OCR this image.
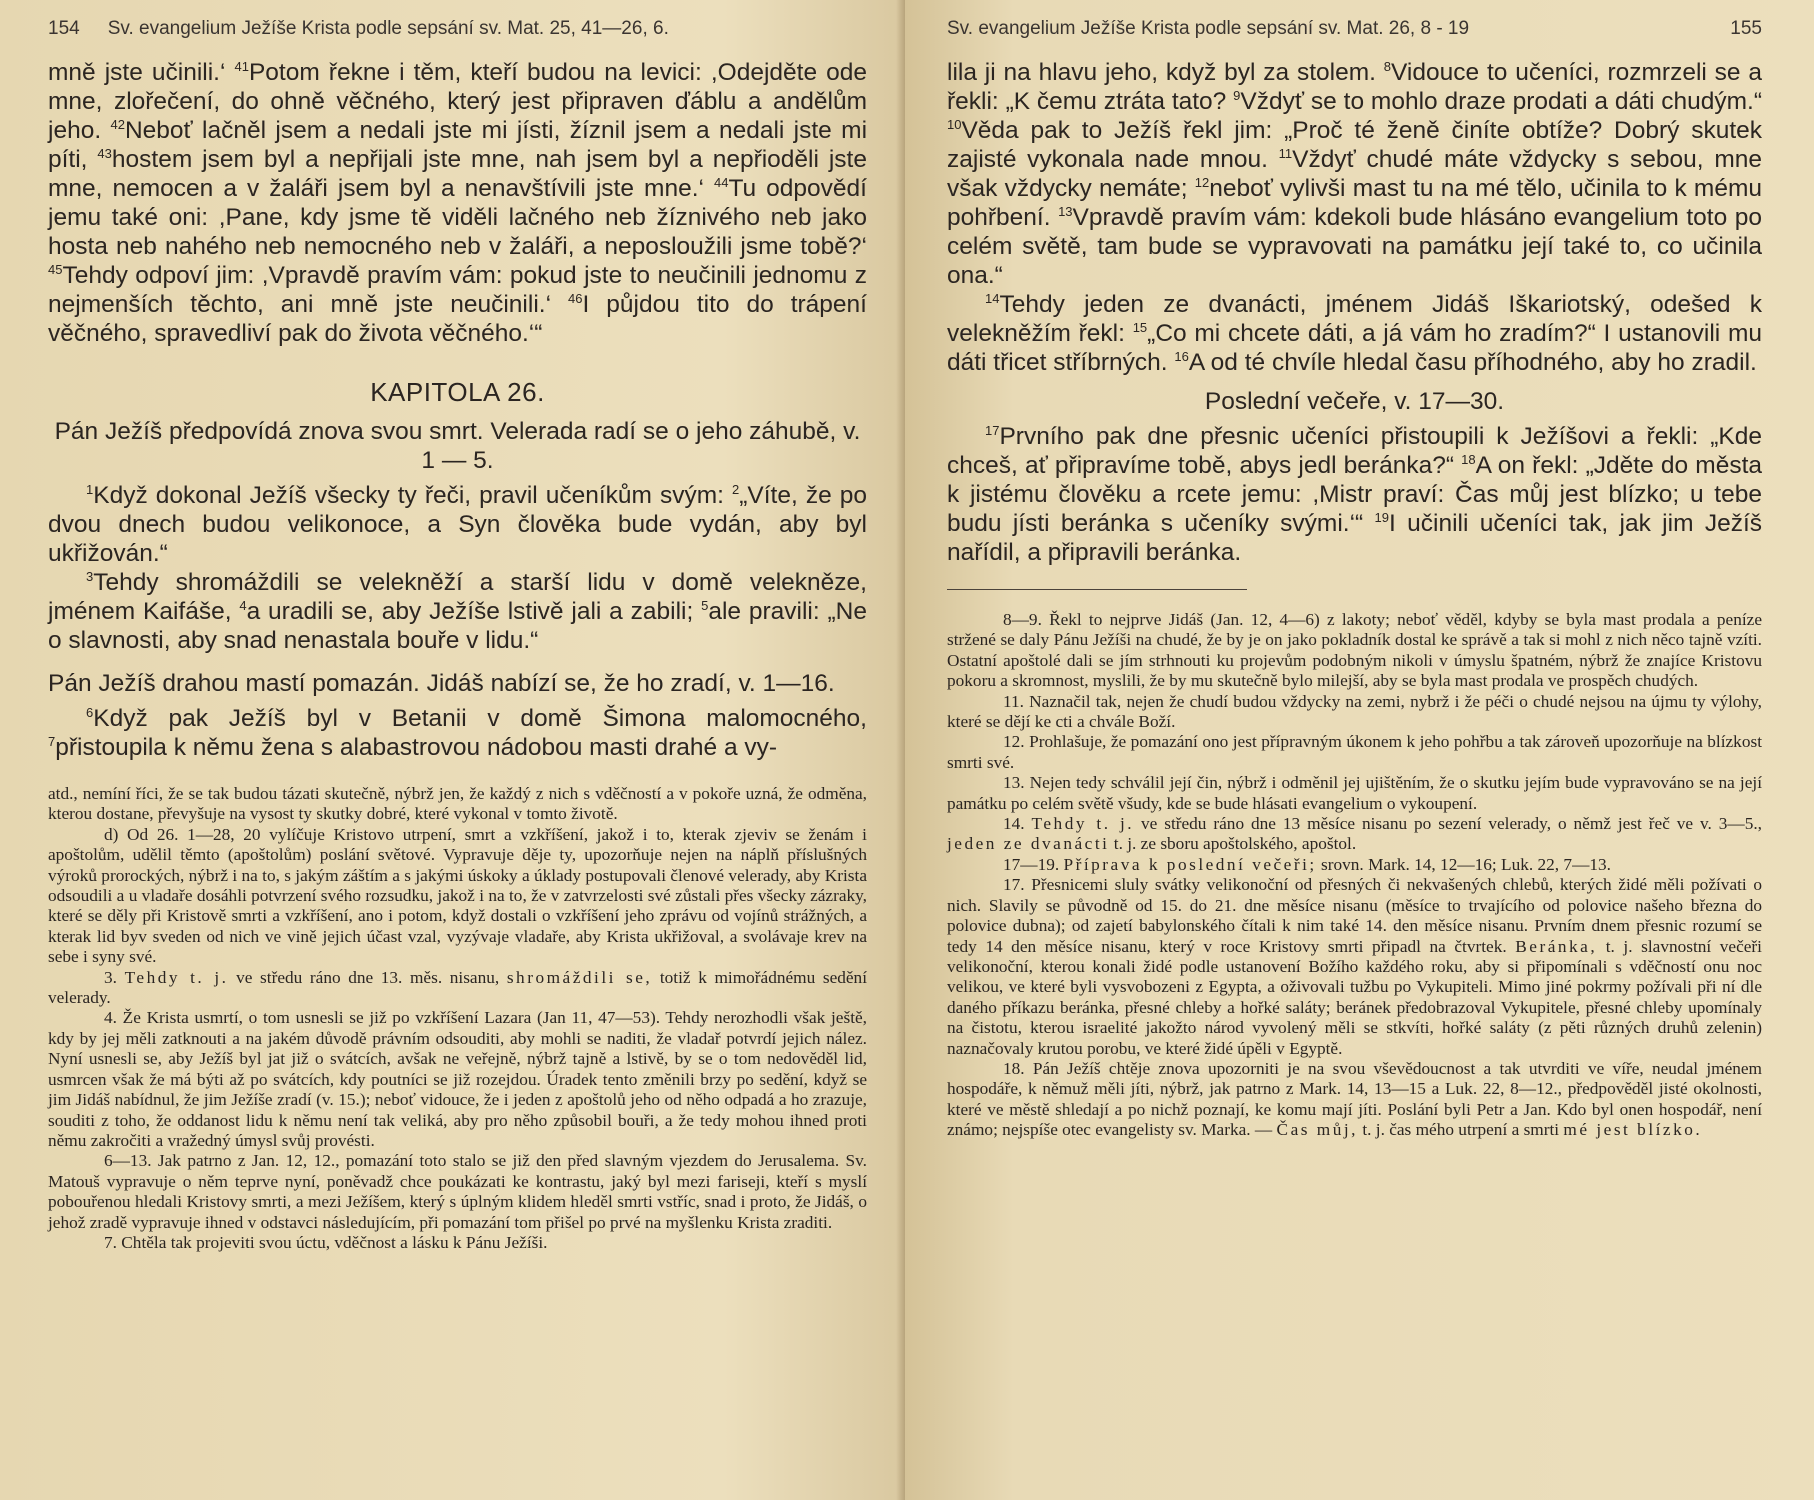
154	Sv. evangelium Ježíše Krista podle sepsání sv. Mat. 25, 41—26, 6.

mně jste učinili.‘ $^{41}$Potom řekne i těm, kteří budou na levici: ,Odejděte ode mne, zlořečení, do ohně věčného, který jest připraven ďáblu a andělům jeho. $^{42}$Neboť lačněl jsem a nedali jste mi jísti, žíznil jsem a nedali jste mi píti, $^{43}$hostem jsem byl a nepřijali jste mne, nah jsem byl a nepřioděli jste mne, nemocen a v žaláři jsem byl a nenavštívili jste mne.‘ $^{44}$Tu odpovědí jemu také oni: ,Pane, kdy jsme tě viděli lačného neb žíznivého neb jako hosta neb nahého neb nemocného neb v žaláři, a neposloužili jsme tobě?‘ $^{45}$Tehdy odpoví jim: ,Vpravdě pravím vám: pokud jste to neučinili jednomu z nejmenších těchto, ani mně jste neučinili.‘ $^{46}$I půjdou tito do trápení věčného, spravedliví pak do života věčného.‘“

KAPITOLA 26.
Pán Ježíš předpovídá znova svou smrt. Velerada radí se o jeho záhubě, v. 1 — 5.

$^1$Když dokonal Ježíš všecky ty řeči, pravil učeníkům svým: $^2$„Víte, že po dvou dnech budou velikonoce, a Syn člověka bude vydán, aby byl ukřižován.“

$^3$Tehdy shromáždili se velekněží a starší lidu v domě velekněze, jménem Kaifáše, $^4$a uradili se, aby Ježíše lstivě jali a zabili; $^5$ale pravili: „Ne o slavnosti, aby snad nenastala bouře v lidu.“

Pán Ježíš drahou mastí pomazán. Jidáš nabízí se, že ho zradí, v. 1—16.

$^6$Když pak Ježíš byl v Betanii v domě Šimona malomocného, $^7$přistoupila k němu žena s alabastrovou nádobou masti drahé a vy-

atd., nemíní říci, že se tak budou tázati skutečně, nýbrž jen, že každý z nich s vděčností a v pokoře uzná, že odměna, kterou dostane, převyšuje na vysost ty skutky dobré, které vykonal v tomto životě.

d) Od 26. 1—28, 20 vylíčuje Kristovo utrpení, smrt a vzkříšení, jakož i to, kterak zjeviv se ženám i apoštolům, udělil těmto (apoštolům) poslání světové. Vypravuje děje ty, upozorňuje nejen na náplň příslušných výroků prorockých, nýbrž i na to, s jakým záštím a s jakými úskoky a úklady postupovali členové velerady, aby Krista odsoudili a u vladaře dosáhli potvrzení svého rozsudku, jakož i na to, že v zatvrzelosti své zůstali přes všecky zázraky, které se děly při Kristově smrti a vzkříšení, ano i potom, když dostali o vzkříšení jeho zprávu od vojínů strážných, a kterak lid byv sveden od nich ve vině jejich účast vzal, vyzývaje vladaře, aby Krista ukřižoval, a svolávaje krev na sebe i syny své.

3. Tehdy t. j. ve středu ráno dne 13. měs. nisanu, shromáždili se, totiž k mimořádnému sedění velerady.

4. Že Krista usmrtí, o tom usnesli se již po vzkříšení Lazara (Jan 11, 47—53). Tehdy nerozhodli však ještě, kdy by jej měli zatknouti a na jakém důvodě právním odsouditi, aby mohli se naditi, že vladař potvrdí jejich nález. Nyní usnesli se, aby Ježíš byl jat již o svátcích, avšak ne veřejně, nýbrž tajně a lstivě, by se o tom nedověděl lid, usmrcen však že má býti až po svátcích, kdy poutníci se již rozejdou. Úradek tento změnili brzy po sedění, když se jim Jidáš nabídnul, že jim Ježíše zradí (v. 15.); neboť vidouce, že i jeden z apoštolů jeho od něho odpadá a ho zrazuje, souditi z toho, že oddanost lidu k němu není tak veliká, aby pro něho způsobil bouři, a že tedy mohou ihned proti němu zakročiti a vražedný úmysl svůj provésti.

6—13. Jak patrno z Jan. 12, 12., pomazání toto stalo se již den před slavným vjezdem do Jerusalema. Sv. Matouš vypravuje o něm teprve nyní, poněvadž chce poukázati ke kontrastu, jaký byl mezi fariseji, kteří s myslí pobouřenou hledali Kristovy smrti, a mezi Ježíšem, který s úplným klidem hleděl smrti vstříc, snad i proto, že Jidáš, o jehož zradě vypravuje ihned v odstavci následujícím, při pomazání tom přišel po prvé na myšlenku Krista zraditi.

7. Chtěla tak projeviti svou úctu, vděčnost a lásku k Pánu Ježíši.

Sv. evangelium Ježíše Krista podle sepsání sv. Mat. 26, 8 - 19	155

lila ji na hlavu jeho, když byl za stolem. $^8$Vidouce to učeníci, rozmrzeli se a řekli: „K čemu ztráta tato? $^9$Vždyť se to mohlo draze prodati a dáti chudým.“ $^{10}$Věda pak to Ježíš řekl jim: „Proč té ženě činíte obtíže? Dobrý skutek zajisté vykonala nade mnou. $^{11}$Vždyť chudé máte vždycky s sebou, mne však vždycky nemáte; $^{12}$neboť vylivši mast tu na mé tělo, učinila to k mému pohřbení. $^{13}$Vpravdě pravím vám: kdekoli bude hlásáno evangelium toto po celém světě, tam bude se vypravovati na památku její také to, co učinila ona.“

$^{14}$Tehdy jeden ze dvanácti, jménem Jidáš Iškariotský, odešed k velekněžím řekl: $^{15}$„Co mi chcete dáti, a já vám ho zradím?“ I ustanovili mu dáti třicet stříbrných. $^{16}$A od té chvíle hledal času příhodného, aby ho zradil.

Poslední večeře, v. 17—30.

$^{17}$Prvního pak dne přesnic učeníci přistoupili k Ježíšovi a řekli: „Kde chceš, ať připravíme tobě, abys jedl beránka?“ $^{18}$A on řekl: „Jděte do města k jistému člověku a rcete jemu: ,Mistr praví: Čas můj jest blízko; u tebe budu jísti beránka s učeníky svými.‘“ $^{19}$I učinili učeníci tak, jak jim Ježíš nařídil, a připravili beránka.

8—9. Řekl to nejprve Jidáš (Jan. 12, 4—6) z lakoty; neboť věděl, kdyby se byla mast prodala a peníze stržené se daly Pánu Ježíši na chudé, že by je on jako pokladník dostal ke správě a tak si mohl z nich něco tajně vzíti. Ostatní apoštolé dali se jím strhnouti ku projevům podobným nikoli v úmyslu špatném, nýbrž že znajíce Kristovu pokoru a skromnost, myslili, že by mu skutečně bylo milejší, aby se byla mast prodala ve prospěch chudých.

11. Naznačil tak, nejen že chudí budou vždycky na zemi, nybrž i že péči o chudé nejsou na újmu ty výlohy, které se dějí ke cti a chvále Boží.

12. Prohlašuje, že pomazání ono jest přípravným úkonem k jeho pohřbu a tak zároveň upozorňuje na blízkost smrti své.

13. Nejen tedy schválil její čin, nýbrž i odměnil jej ujištěním, že o skutku jejím bude vypravováno se na její památku po celém světě všudy, kde se bude hlásati evangelium o vykoupení.

14. Tehdy t. j. ve středu ráno dne 13 měsíce nisanu po sezení velerady, o němž jest řeč ve v. 3—5., jeden ze dvanácti t. j. ze sboru apoštolského, apoštol.

17—19. Příprava k poslední večeři; srovn. Mark. 14, 12—16; Luk. 22, 7—13.

17. Přesnicemi sluly svátky velikonoční od přesných či nekvašených chlebů, kterých židé měli požívati o nich. Slavily se původně od 15. do 21. dne měsíce nisanu (měsíce to trvajícího od polovice našeho března do polovice dubna); od zajetí babylonského čítali k nim také 14. den měsíce nisanu. Prvním dnem přesnic rozumí se tedy 14 den měsíce nisanu, který v roce Kristovy smrti připadl na čtvrtek. Beránka, t. j. slavnostní večeři velikonoční, kterou konali židé podle ustanovení Božího každého roku, aby si připomínali s vděčností onu noc velikou, ve které byli vysvobozeni z Egypta, a oživovali tužbu po Vykupiteli. Mimo jiné pokrmy požívali při ní dle daného příkazu beránka, přesné chleby a hořké saláty; beránek předobrazoval Vykupitele, přesné chleby upomínaly na čistotu, kterou israelité jakožto národ vyvolený měli se stkvíti, hořké saláty (z pěti různých druhů zelenin) naznačovaly krutou porobu, ve které židé úpěli v Egyptě.

18. Pán Ježíš chtěje znova upozorniti je na svou vševědoucnost a tak utvrditi ve víře, neudal jménem hospodáře, k němuž měli jíti, nýbrž, jak patrno z Mark. 14, 13—15 a Luk. 22, 8—12., předpověděl jisté okolnosti, které ve městě shledají a po nichž poznají, ke komu mají jíti. Poslání byli Petr a Jan. Kdo byl onen hospodář, není známo; nejspíše otec evangelisty sv. Marka. — Čas můj, t. j. čas mého utrpení a smrti mé jest blízko.
